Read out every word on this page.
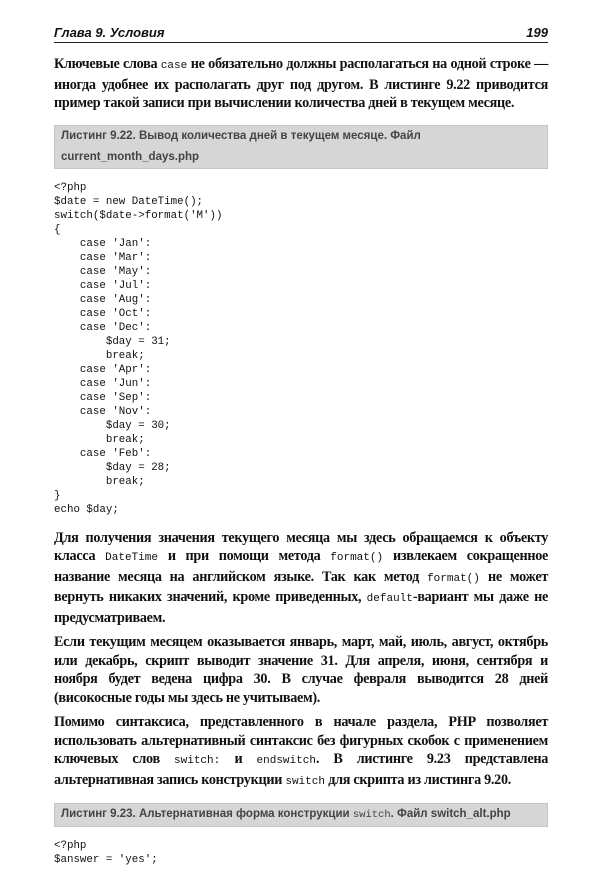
Глава 9. Условия	199

Ключевые слова case не обязательно должны располагаться на одной строке — иногда удобнее их располагать друг под другом. В листинге 9.22 приводится пример такой записи при вычислении количества дней в текущем месяце.

Листинг 9.22. Вывод количества дней в текущем месяце. Файл current_month_days.php
<?php
$date = new DateTime();
switch($date->format('M'))
{
case 'Jan':
case 'Mar':
case 'May':
case 'Jul':
case 'Aug':
case 'Oct':
case 'Dec':
$day = 31;
break;
case 'Apr':
case 'Jun':
case 'Sep':
case 'Nov':
$day = 30;
break;
case 'Feb':
$day = 28;
break;
}
echo $day;

Для получения значения текущего месяца мы здесь обращаемся к объекту класса DateTime и при помощи метода format() извлекаем сокращенное название месяца на английском языке. Так как метод format() не может вернуть никаких значений, кроме приведенных, default-вариант мы даже не предусматриваем.

Если текущим месяцем оказывается январь, март, май, июль, август, октябрь или декабрь, скрипт выводит значение 31. Для апреля, июня, сентября и ноября будет ведена цифра 30. В случае февраля выводится 28 дней (високосные годы мы здесь не учитываем).

Помимо синтаксиса, представленного в начале раздела, PHP позволяет использовать альтернативный синтаксис без фигурных скобок с применением ключевых слов switch: и endswitch. В листинге 9.23 представлена альтернативная запись конструкции switch для скрипта из листинга 9.20.

Листинг 9.23. Альтернативная форма конструкции switch. Файл switch_alt.php
<?php
$answer = 'yes';
